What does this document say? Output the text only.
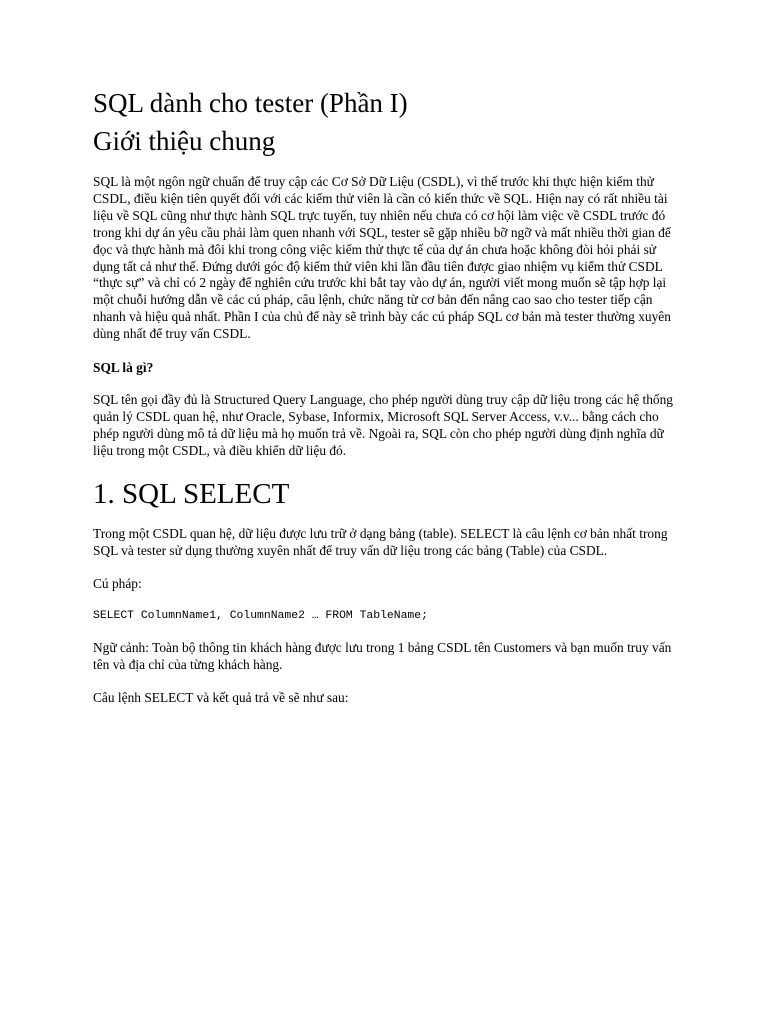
SQL dành cho tester (Phần I)
Giới thiệu chung

SQL là một ngôn ngữ chuẩn để truy cập các Cơ Sở Dữ Liệu (CSDL), vì thế trước khi thực hiện kiểm thử CSDL, điều kiện tiên quyết đối với các kiểm thử viên là cần có kiến thức về SQL. Hiện nay có rất nhiều tài liệu về SQL cũng như thực hành SQL trực tuyến, tuy nhiên nếu chưa có cơ hội làm việc về CSDL trước đó trong khi dự án yêu cầu phải làm quen nhanh với SQL, tester sẽ gặp nhiều bỡ ngỡ và mất nhiều thời gian để đọc và thực hành mà đôi khi trong công việc kiểm thử thực tế của dự án chưa hoặc không đòi hỏi phải sử dụng tất cả như thế. Đứng dưới góc độ kiểm thử viên khi lần đầu tiên được giao nhiệm vụ kiểm thử CSDL “thực sự” và chỉ có 2 ngày để nghiên cứu trước khi bắt tay vào dự án, người viết mong muốn sẽ tập hợp lại một chuỗi hướng dẫn về các cú pháp, câu lệnh, chức năng từ cơ bản đến nâng cao sao cho tester tiếp cận nhanh và hiệu quả nhất. Phần I của chủ để này sẽ trình bày các cú pháp SQL cơ bản mà tester thường xuyên dùng nhất để truy vấn CSDL.

SQL là gì?

SQL tên gọi đầy đủ là Structured Query Language, cho phép người dùng truy cập dữ liệu trong các hệ thống quản lý CSDL quan hệ, như Oracle, Sybase, Informix, Microsoft SQL Server Access, v.v... bằng cách cho phép người dùng mô tả dữ liệu mà họ muốn trả về. Ngoài ra, SQL còn cho phép người dùng định nghĩa dữ liệu trong một CSDL, và điều khiển dữ liệu đó.

1. SQL SELECT

Trong một CSDL quan hệ, dữ liệu được lưu trữ ở dạng bảng (table). SELECT là câu lệnh cơ bản nhất trong SQL và tester sử dụng thường xuyên nhất để truy vấn dữ liệu trong các bảng (Table) của CSDL.

Cú pháp:

SELECT ColumnName1, ColumnName2 … FROM TableName;

Ngữ cảnh: Toàn bộ thông tin khách hàng được lưu trong 1 bảng CSDL tên Customers và bạn muốn truy vấn tên và địa chỉ của từng khách hàng.

Câu lệnh SELECT và kết quả trả về sẽ như sau:
